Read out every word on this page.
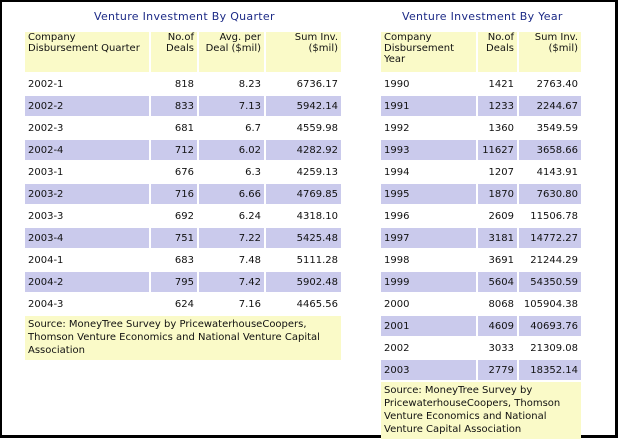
Venture Investment By Quarter	Venture Investment By Year
Company Disbursement Quarter	No.of Deals	Avg. per Deal ($mil)	Sum Inv. ($mil)
2002-1	818	8.23	6736.17
2002-2	833	7.13	5942.14
2002-3	681	6.7	4559.98
2002-4	712	6.02	4282.92
2003-1	676	6.3	4259.13
2003-2	716	6.66	4769.85
2003-3	692	6.24	4318.10
2003-4	751	7.22	5425.48
2004-1	683	7.48	5111.28
2004-2	795	7.42	5902.48
2004-3	624	7.16	4465.56
Source: MoneyTree Survey by PricewaterhouseCoopers, Thomson Venture Economics and National Venture Capital Association			
Company Disbursement Year	No.of Deals	Sum Inv. ($mil)
1990	1421	2763.40
1991	1233	2244.67
1992	1360	3549.59
1993	11627	3658.66
1994	1207	4143.91
1995	1870	7630.80
1996	2609	11506.78
1997	3181	14772.27
1998	3691	21244.29
1999	5604	54350.59
2000	8068	105904.38
2001	4609	40693.76
2002	3033	21309.08
2003	2779	18352.14
Source: MoneyTree Survey by PricewaterhouseCoopers, Thomson Venture Economics and National Venture Capital Association		
